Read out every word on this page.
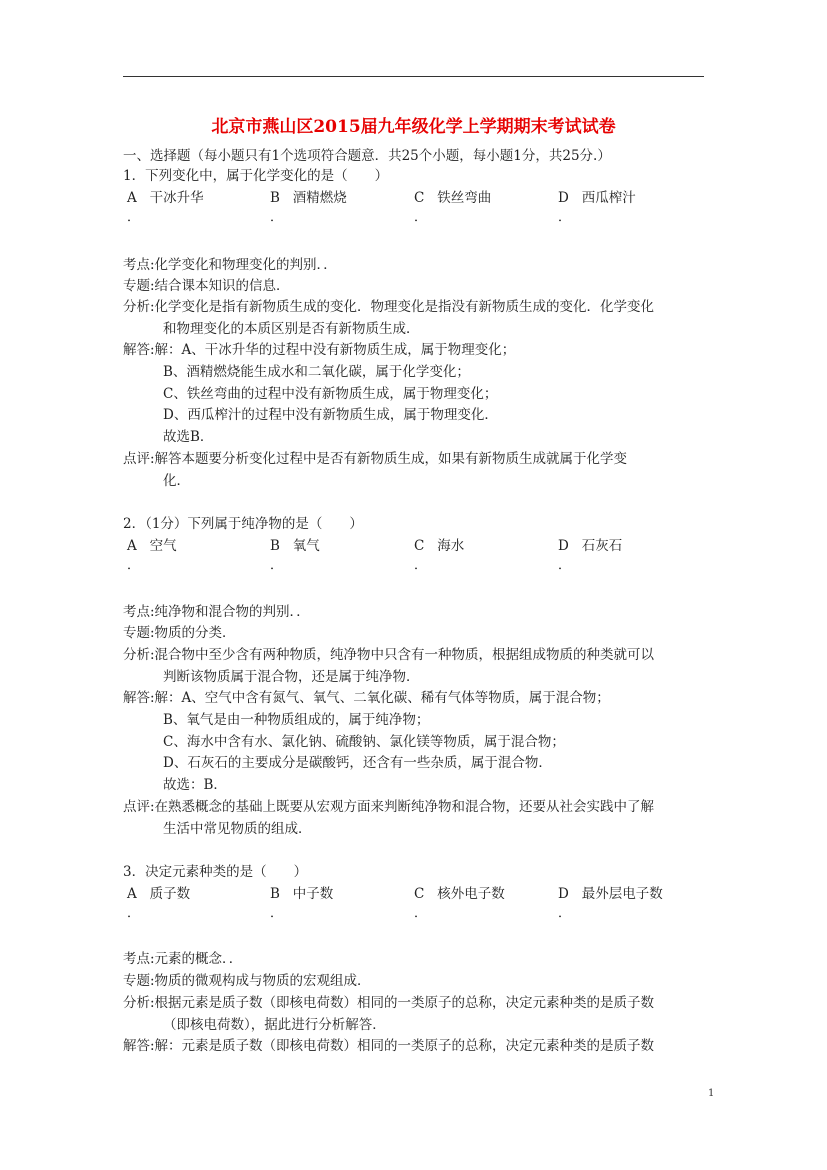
北京市燕山区2015届九年级化学上学期期末考试试卷
一、选择题（每小题只有1个选项符合题意．共25个小题，每小题1分，共25分.）
1．下列变化中，属于化学变化的是（　　）
A 干冰升华	B 酒精燃烧	C 铁丝弯曲	D 西瓜榨汁
．	．	．	．
考点:化学变化和物理变化的判别．．
专题:结合课本知识的信息．
分析:化学变化是指有新物质生成的变化．物理变化是指没有新物质生成的变化．化学变化
和物理变化的本质区别是否有新物质生成．
解答:解：A、干冰升华的过程中没有新物质生成，属于物理变化；
B、酒精燃烧能生成水和二氧化碳，属于化学变化；
C、铁丝弯曲的过程中没有新物质生成，属于物理变化；
D、西瓜榨汁的过程中没有新物质生成，属于物理变化．
故选B．
点评:解答本题要分析变化过程中是否有新物质生成，如果有新物质生成就属于化学变
化．
2．（1分）下列属于纯净物的是（　　）
A 空气	B 氧气	C 海水	D 石灰石
．	．	．	．
考点:纯净物和混合物的判别．．
专题:物质的分类．
分析:混合物中至少含有两种物质，纯净物中只含有一种物质，根据组成物质的种类就可以
判断该物质属于混合物，还是属于纯净物．
解答:解：A、空气中含有氮气、氧气、二氧化碳、稀有气体等物质，属于混合物；
B、氧气是由一种物质组成的，属于纯净物；
C、海水中含有水、氯化钠、硫酸钠、氯化镁等物质，属于混合物；
D、石灰石的主要成分是碳酸钙，还含有一些杂质，属于混合物．
故选：B．
点评:在熟悉概念的基础上既要从宏观方面来判断纯净物和混合物，还要从社会实践中了解
生活中常见物质的组成．
3．决定元素种类的是（　　）
A 质子数	B 中子数	C 核外电子数	D 最外层电子数
．	．	．	．
考点:元素的概念．．
专题:物质的微观构成与物质的宏观组成．
分析:根据元素是质子数（即核电荷数）相同的一类原子的总称，决定元素种类的是质子数
（即核电荷数），据此进行分析解答．
解答:解：元素是质子数（即核电荷数）相同的一类原子的总称，决定元素种类的是质子数
1
